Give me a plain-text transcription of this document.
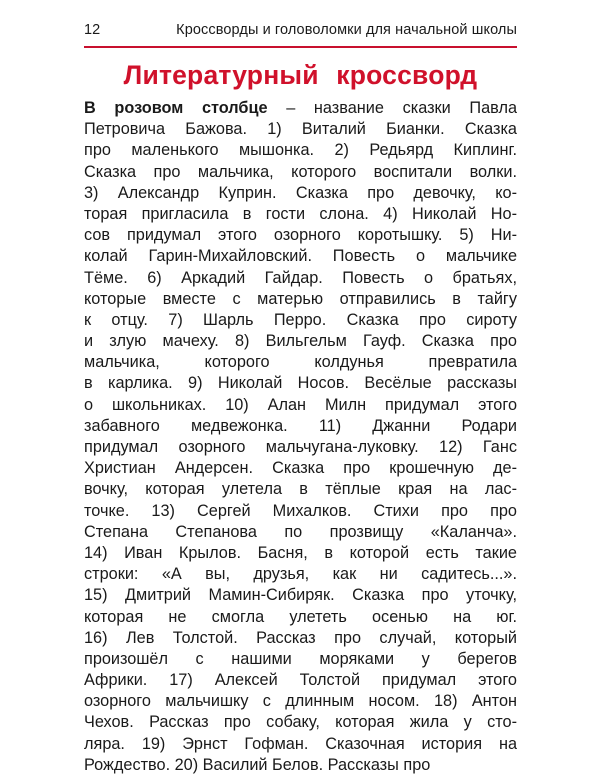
12	Кроссворды и головоломки для начальной школы
Литературный кроссворд
В розовом столбце – название сказки Павла
Петровича Бажова. 1) Виталий Бианки. Сказка
про маленького мышонка. 2) Редьярд Киплинг.
Сказка про мальчика, которого воспитали волки.
3) Александр Куприн. Сказка про девочку, ко-
торая пригласила в гости слона. 4) Николай Но-
сов придумал этого озорного коротышку. 5) Ни-
колай Гарин-Михайловский. Повесть о мальчике
Тёме. 6) Аркадий Гайдар. Повесть о братьях,
которые вместе с матерью отправились в тайгу
к отцу. 7) Шарль Перро. Сказка про сироту
и злую мачеху. 8) Вильгельм Гауф. Сказка про
мальчика, которого колдунья превратила
в карлика. 9) Николай Носов. Весёлые рассказы
о школьниках. 10) Алан Милн придумал этого
забавного медвежонка. 11) Джанни Родари
придумал озорного мальчугана-луковку. 12) Ганс
Христиан Андерсен. Сказка про крошечную де-
вочку, которая улетела в тёплые края на лас-
точке. 13) Сергей Михалков. Стихи про про
Степана Степанова по прозвищу «Каланча».
14) Иван Крылов. Басня, в которой есть такие
строки: «А вы, друзья, как ни садитесь...».
15) Дмитрий Мамин-Сибиряк. Сказка про уточку,
которая не смогла улететь осенью на юг.
16) Лев Толстой. Рассказ про случай, который
произошёл с нашими моряками у берегов
Африки. 17) Алексей Толстой придумал этого
озорного мальчишку с длинным носом. 18) Антон
Чехов. Рассказ про собаку, которая жила у сто-
ляра. 19) Эрнст Гофман. Сказочная история на
Рождество. 20) Василий Белов. Рассказы про
